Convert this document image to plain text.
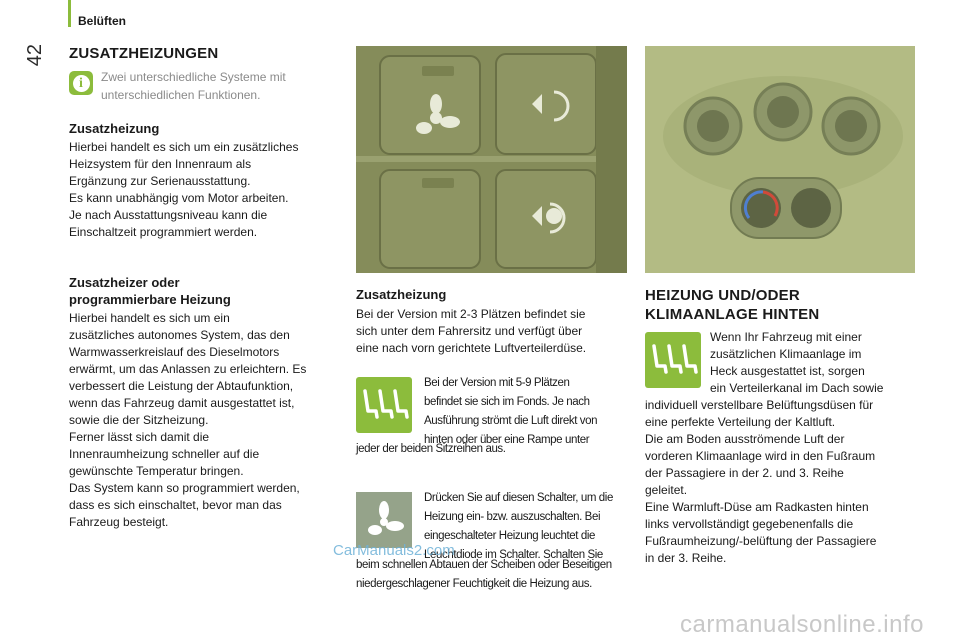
Belüften
42 ZUSATZHEIZUNGEN
i	Zwei unterschiedliche Systeme mit
unterschiedlichen Funktionen.
Zusatzheizung
Hierbei handelt es sich um ein zusätzliches
Heizsystem für den Innenraum als
Ergänzung zur Serienausstattung.
Es kann unabhängig vom Motor arbeiten.
Je nach Ausstattungsniveau kann die
Einschaltzeit programmiert werden.
Zusatzheizer oder
programmierbare Heizung
Hierbei handelt es sich um ein
zusätzliches autonomes System, das den
Warmwasserkreislauf des Dieselmotors
erwärmt, um das Anlassen zu erleichtern. Es
verbessert die Leistung der Abtaufunktion,
wenn das Fahrzeug damit ausgestattet ist,
sowie die der Sitzheizung.
Ferner lässt sich damit die
Innenraumheizung schneller auf die
gewünschte Temperatur bringen.
Das System kann so programmiert werden,
dass es sich einschaltet, bevor man das
Fahrzeug besteigt.
Zusatzheizung
Bei der Version mit 2-3 Plätzen befindet sie
sich unter dem Fahrersitz und verfügt über
eine nach vorn gerichtete Luftverteilerdüse.
Bei der Version mit 5-9 Plätzen
befindet sie sich im Fonds. Je nach
Ausführung strömt die Luft direkt von
hinten oder über eine Rampe unter
jeder der beiden Sitzreihen aus.
Drücken Sie auf diesen Schalter, um die
Heizung ein- bzw. auszuschalten. Bei
eingeschalteter Heizung leuchtet die
Leuchtdiode im Schalter. Schalten Sie
beim schnellen Abtauen der Scheiben oder Beseitigen
niedergeschlagener Feuchtigkeit die Heizung aus.
HEIZUNG UND/ODER
KLIMAANLAGE HINTEN
Wenn Ihr Fahrzeug mit einer
zusätzlichen Klimaanlage im
Heck ausgestattet ist, sorgen
ein Verteilerkanal im Dach sowie
individuell verstellbare Belüftungsdüsen für
eine perfekte Verteilung der Kaltluft.
Die am Boden ausströmende Luft der
vorderen Klimaanlage wird in den Fußraum
der Passagiere in der 2. und 3. Reihe
geleitet.
Eine Warmluft-Düse am Radkasten hinten
links vervollständigt gegebenenfalls die
Fußraumheizung/-belüftung der Passagiere
in der 3. Reihe.
CarManuals2.com
carmanualsonline.info
